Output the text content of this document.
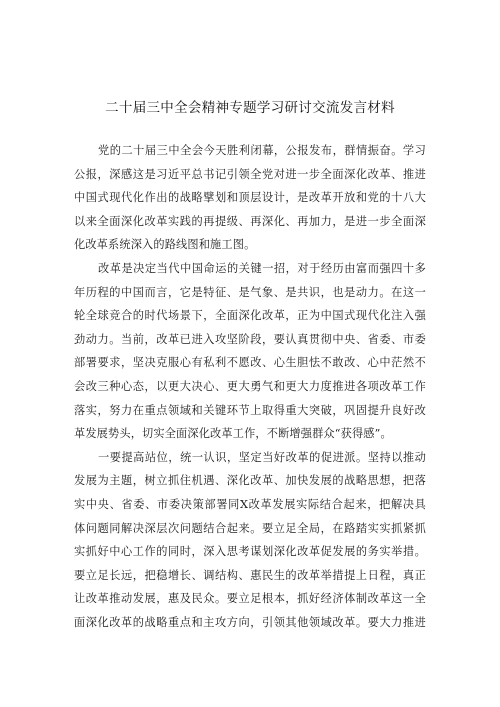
二十届三中全会精神专题学习研讨交流发言材料
党的二十届三中全会今天胜利闭幕，公报发布，群情振奋。学习
公报，深感这是习近平总书记引领全党对进一步全面深化改革、推进
中国式现代化作出的战略擘划和顶层设计，是改革开放和党的十八大
以来全面深化改革实践的再提级、再深化、再加力，是进一步全面深
化改革系统深入的路线图和施工图。
改革是决定当代中国命运的关键一招，对于经历由富而强四十多
年历程的中国而言，它是特征、是气象、是共识，也是动力。在这一
轮全球竞合的时代场景下，全面深化改革，正为中国式现代化注入强
劲动力。当前，改革已进入攻坚阶段，要认真贯彻中央、省委、市委
部署要求，坚决克服心有私利不愿改、心生胆怯不敢改、心中茫然不
会改三种心态，以更大决心、更大勇气和更大力度推进各项改革工作
落实，努力在重点领域和关键环节上取得重大突破，巩固提升良好改
革发展势头，切实全面深化改革工作，不断增强群众“获得感”。
一要提高站位，统一认识，坚定当好改革的促进派。坚持以推动
发展为主题，树立抓住机遇、深化改革、加快发展的战略思想，把落
实中央、省委、市委决策部署同X改革发展实际结合起来，把解决具
体问题同解决深层次问题结合起来。要立足全局，在路踏实实抓紧抓
实抓好中心工作的同时，深入思考谋划深化改革促发展的务实举措。
要立足长远，把稳增长、调结构、惠民生的改革举措提上日程，真正
让改革推动发展，惠及民众。要立足根本，抓好经济体制改革这一全
面深化改革的战略重点和主攻方向，引领其他领域改革。要大力推进
